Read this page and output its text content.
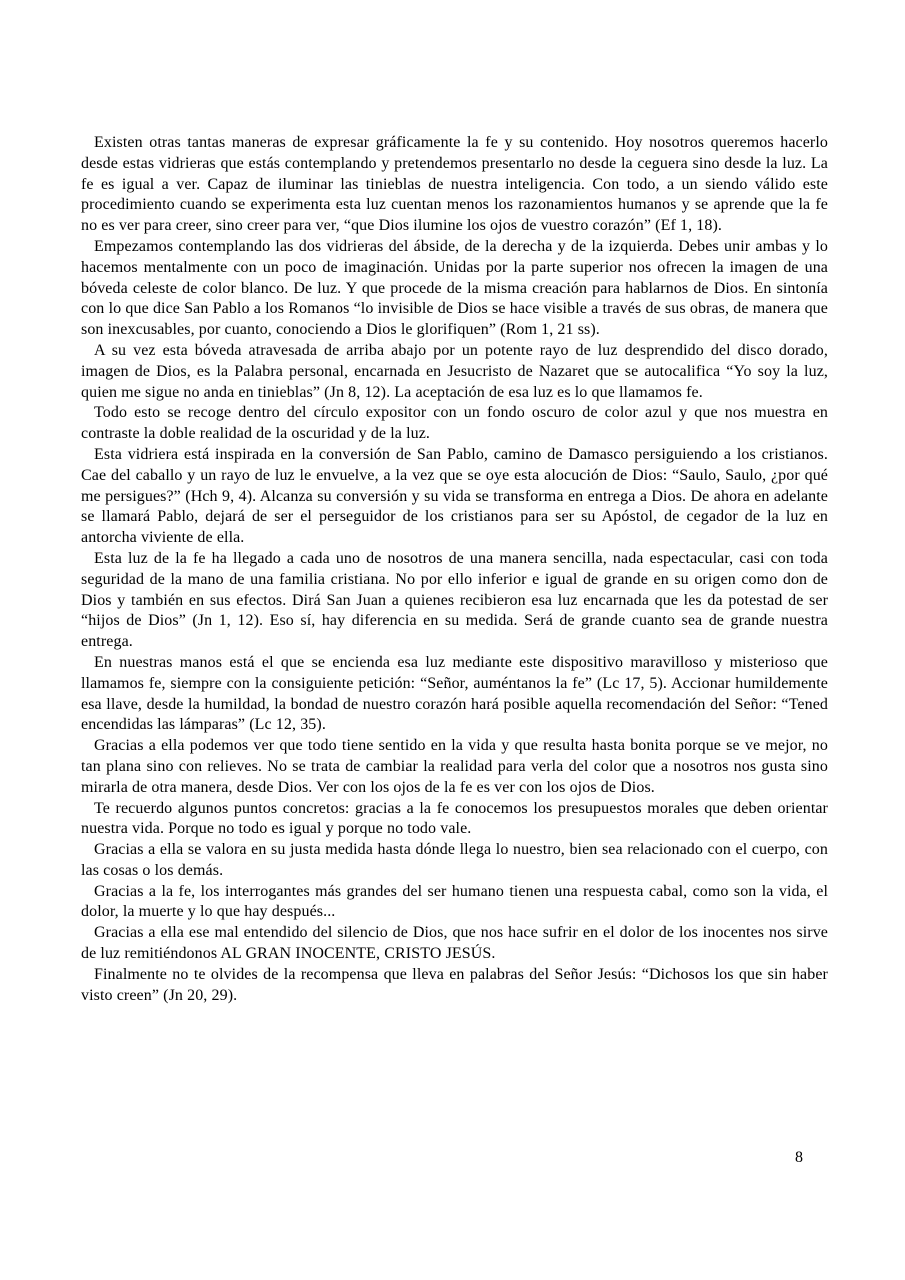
Existen otras tantas maneras de expresar gráficamente la fe y su contenido. Hoy nosotros queremos hacerlo desde estas vidrieras que estás contemplando y pretendemos presentarlo no desde la ceguera sino desde la luz. La fe es igual a ver. Capaz de iluminar las tinieblas de nuestra inteligencia. Con todo, a un siendo válido este procedimiento cuando se experimenta esta luz cuentan menos los razonamientos humanos y se aprende que la fe no es ver para creer, sino creer para ver, “que Dios ilumine los ojos de vuestro corazón” (Ef 1, 18).

Empezamos contemplando las dos vidrieras del ábside, de la derecha y de la izquierda. Debes unir ambas y lo hacemos mentalmente con un poco de imaginación. Unidas por la parte superior nos ofrecen la imagen de una bóveda celeste de color blanco. De luz. Y que procede de la misma creación para hablarnos de Dios. En sintonía con lo que dice San Pablo a los Romanos “lo invisible de Dios se hace visible a través de sus obras, de manera que son inexcusables, por cuanto, conociendo a Dios le glorifiquen” (Rom 1, 21 ss).

A su vez esta bóveda atravesada de arriba abajo por un potente rayo de luz desprendido del disco dorado, imagen de Dios, es la Palabra personal, encarnada en Jesucristo de Nazaret que se autocalifica “Yo soy la luz, quien me sigue no anda en tinieblas” (Jn 8, 12). La aceptación de esa luz es lo que llamamos fe.

Todo esto se recoge dentro del círculo expositor con un fondo oscuro de color azul y que nos muestra en contraste la doble realidad de la oscuridad y de la luz.

Esta vidriera está inspirada en la conversión de San Pablo, camino de Damasco persiguiendo a los cristianos. Cae del caballo y un rayo de luz le envuelve, a la vez que se oye esta alocución de Dios: “Saulo, Saulo, ¿por qué me persigues?” (Hch 9, 4). Alcanza su conversión y su vida se transforma en entrega a Dios. De ahora en adelante se llamará Pablo, dejará de ser el perseguidor de los cristianos para ser su Apóstol, de cegador de la luz en antorcha viviente de ella.

Esta luz de la fe ha llegado a cada uno de nosotros de una manera sencilla, nada espectacular, casi con toda seguridad de la mano de una familia cristiana. No por ello inferior e igual de grande en su origen como don de Dios y también en sus efectos. Dirá San Juan a quienes recibieron esa luz encarnada que les da potestad de ser “hijos de Dios” (Jn 1, 12). Eso sí, hay diferencia en su medida. Será de grande cuanto sea de grande nuestra entrega.

En nuestras manos está el que se encienda esa luz mediante este dispositivo maravilloso y misterioso que llamamos fe, siempre con la consiguiente petición: “Señor, auméntanos la fe” (Lc 17, 5). Accionar humildemente esa llave, desde la humildad, la bondad de nuestro corazón hará posible aquella recomendación del Señor: “Tened encendidas las lámparas” (Lc 12, 35).

Gracias a ella podemos ver que todo tiene sentido en la vida y que resulta hasta bonita porque se ve mejor, no tan plana sino con relieves. No se trata de cambiar la realidad para verla del color que a nosotros nos gusta sino mirarla de otra manera, desde Dios. Ver con los ojos de la fe es ver con los ojos de Dios.

Te recuerdo algunos puntos concretos: gracias a la fe conocemos los presupuestos morales que deben orientar nuestra vida. Porque no todo es igual y porque no todo vale.

Gracias a ella se valora en su justa medida hasta dónde llega lo nuestro, bien sea relacionado con el cuerpo, con las cosas o los demás.

Gracias a la fe, los interrogantes más grandes del ser humano tienen una respuesta cabal, como son la vida, el dolor, la muerte y lo que hay después...

Gracias a ella ese mal entendido del silencio de Dios, que nos hace sufrir en el dolor de los inocentes nos sirve de luz remitiéndonos AL GRAN INOCENTE, CRISTO JESÚS.

Finalmente no te olvides de la recompensa que lleva en palabras del Señor Jesús: “Dichosos los que sin haber visto creen” (Jn 20, 29).

8
